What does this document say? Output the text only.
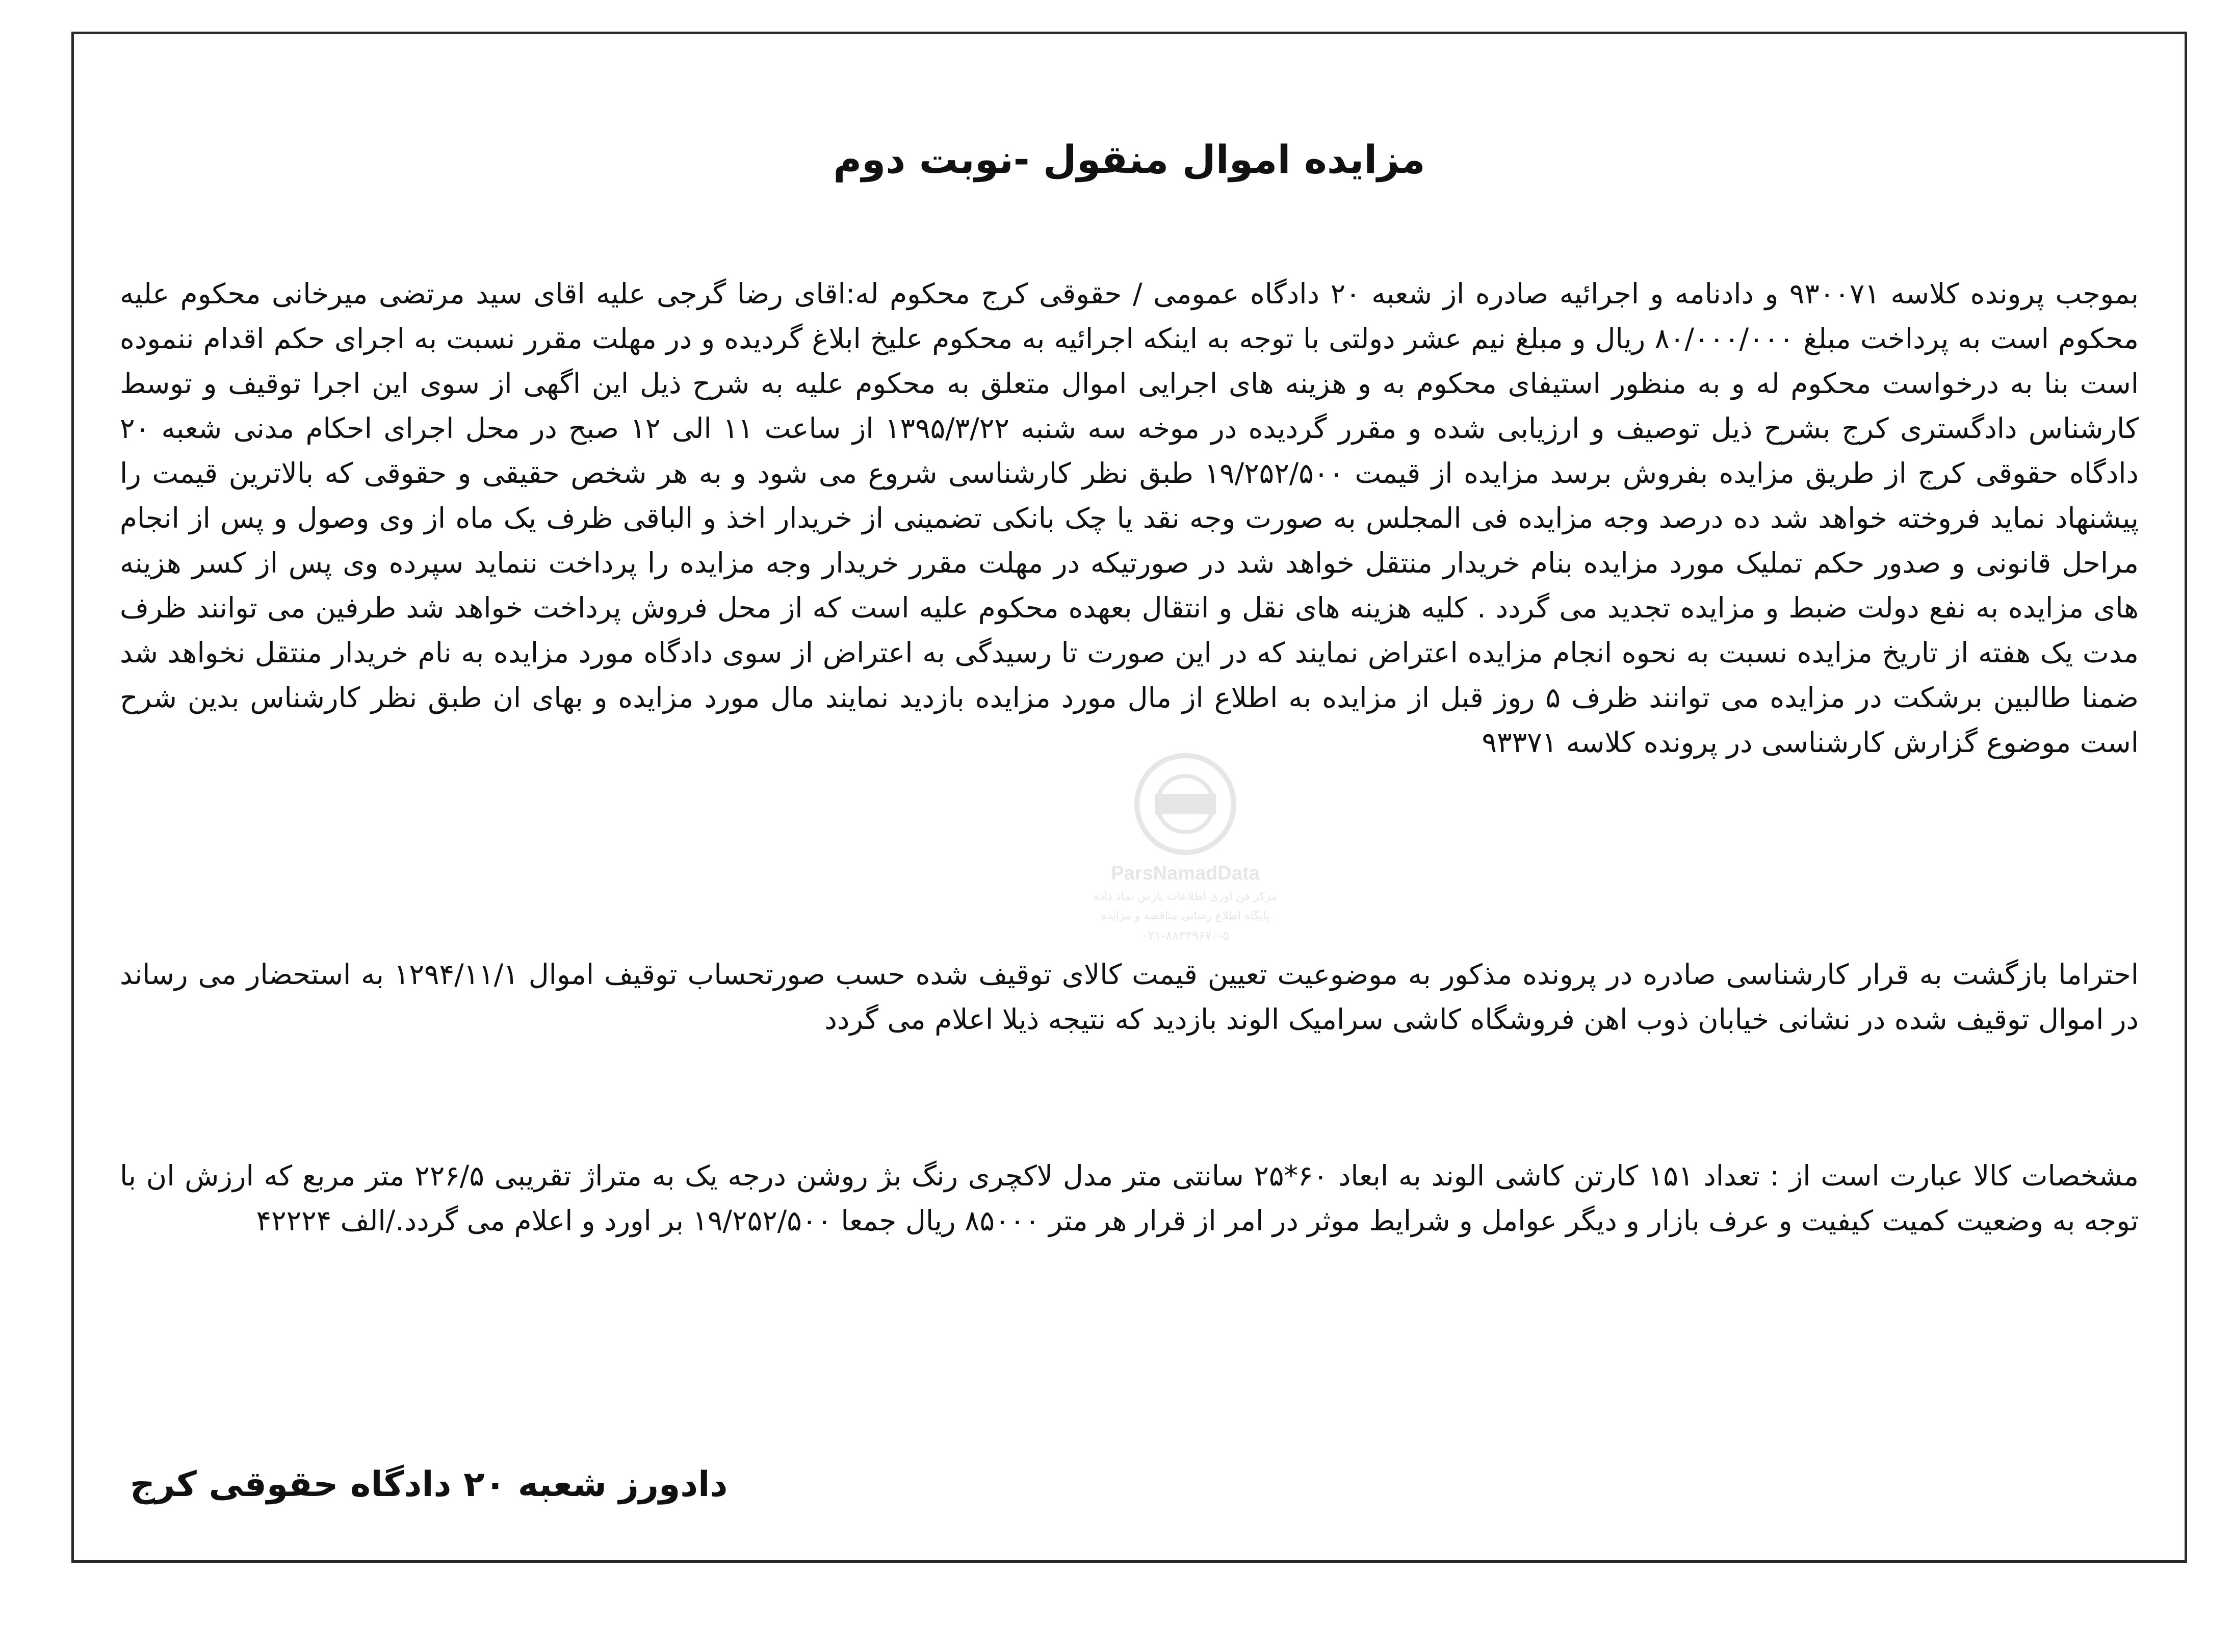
مزایده اموال منقول -نوبت دوم

بموجب پرونده کلاسه ۹۳۰۰۷۱ و دادنامه و اجرائیه صادره از شعبه ۲۰ دادگاه عمومی / حقوقی کرج محکوم له:اقای رضا گرجی علیه اقای سید مرتضی میرخانی محکوم علیه محکوم است به پرداخت مبلغ ۸۰/۰۰۰/۰۰۰ ریال و مبلغ نیم عشر دولتی با توجه به اینکه اجرائیه به محکوم علیخ ابلاغ گردیده و در مهلت مقرر نسبت به اجرای حکم اقدام ننموده است بنا به درخواست محکوم له و به منظور استیفای محکوم به و هزینه های اجرایی اموال متعلق به محکوم علیه به شرح ذیل این اگهی از سوی این اجرا توقیف و توسط کارشناس دادگستری کرج بشرح ذیل توصیف و ارزیابی شده و مقرر گردیده در موخه سه شنبه ۱۳۹۵/۳/۲۲ از ساعت ۱۱ الی ۱۲ صبح در محل اجرای احکام مدنی شعبه ۲۰ دادگاه حقوقی کرج از طریق مزایده بفروش برسد مزایده از قیمت ۱۹/۲۵۲/۵۰۰ طبق نظر کارشناسی شروع می شود و به هر شخص حقیقی و حقوقی که بالاترین قیمت را پیشنهاد نماید فروخته خواهد شد ده درصد وجه مزایده فی المجلس به صورت وجه نقد یا چک بانکی تضمینی از خریدار اخذ و الباقی ظرف یک ماه از وی وصول و پس از انجام مراحل قانونی و صدور حکم تملیک مورد مزایده بنام خریدار منتقل خواهد شد در صورتیکه در مهلت مقرر خریدار وجه مزایده را پرداخت ننماید سپرده وی پس از کسر هزینه های مزایده به نفع دولت ضبط و مزایده تجدید می گردد . کلیه هزینه های نقل و انتقال بعهده محکوم علیه است که از محل فروش پرداخت خواهد شد طرفین می توانند ظرف مدت یک هفته از تاریخ مزایده نسبت به نحوه انجام مزایده اعتراض نمایند که در این صورت تا رسیدگی به اعتراض از سوی دادگاه مورد مزایده به نام خریدار منتقل نخواهد شد ضمنا طالبین برشکت در مزایده می توانند ظرف ۵ روز قبل از مزایده به اطلاع از مال مورد مزایده بازدید نمایند مال مورد مزایده و بهای ان طبق نظر کارشناس بدین شرح است موضوع گزارش کارشناسی در پرونده کلاسه ۹۳۳۷۱

ParsNamadData
مرکز فن آوری اطلاعات پارس نماد داده
پایگاه اطلاع رسانی مناقصه و مزایده
۰۲۱-۸۸۳۴۹۶۷۰-۵

احتراما بازگشت به قرار کارشناسی صادره در پرونده مذکور به موضوعیت تعیین قیمت کالای توقیف شده حسب صورتحساب توقیف اموال ۱۲۹۴/۱۱/۱ به استحضار می رساند در اموال توقیف شده در نشانی خیابان ذوب اهن فروشگاه کاشی سرامیک الوند بازدید که نتیجه ذیلا اعلام می گردد

مشخصات کالا عبارت است از : تعداد ۱۵۱ کارتن کاشی الوند به ابعاد ۶۰*۲۵ سانتی متر مدل لاکچری رنگ بژ روشن درجه یک به متراژ تقریبی ۲۲۶/۵ متر مربع که ارزش ان با توجه به وضعیت کمیت کیفیت و عرف بازار و دیگر عوامل و شرایط موثر در امر از قرار هر متر ۸۵۰۰۰ ریال جمعا ۱۹/۲۵۲/۵۰۰ بر اورد و اعلام می گردد./الف ۴۲۲۲۴

دادورز شعبه ۲۰ دادگاه حقوقی کرج
